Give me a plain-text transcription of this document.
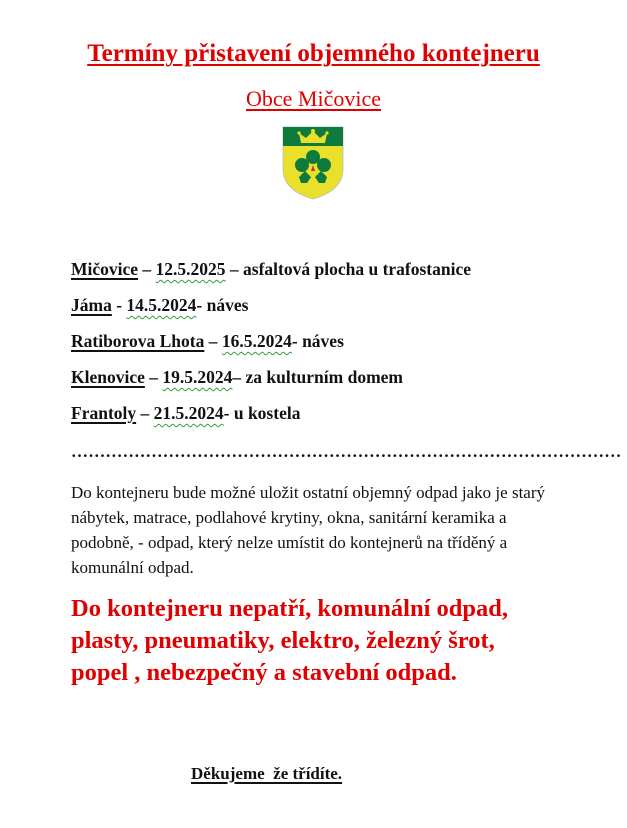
Termíny přistavení objemného kontejneru
Obce Mičovice
Mičovice – 12.5.2025 – asfaltová plocha u trafostanice
Jáma - 14.5.2024- náves
Ratiborova Lhota – 16.5.2024- náves
Klenovice – 19.5.2024– za kulturním domem
Frantoly – 21.5.2024- u kostela
……………………………………………………………………………………
Do kontejneru bude možné uložit ostatní objemný odpad jako je starý nábytek, matrace, podlahové krytiny, okna, sanitární keramika a podobně, - odpad, který nelze umístit do kontejnerů na tříděný a komunální odpad.
Do kontejneru nepatří, komunální odpad, plasty, pneumatiky, elektro, železný šrot, popel , nebezpečný a stavební odpad.
Děkujeme  že třídíte.
